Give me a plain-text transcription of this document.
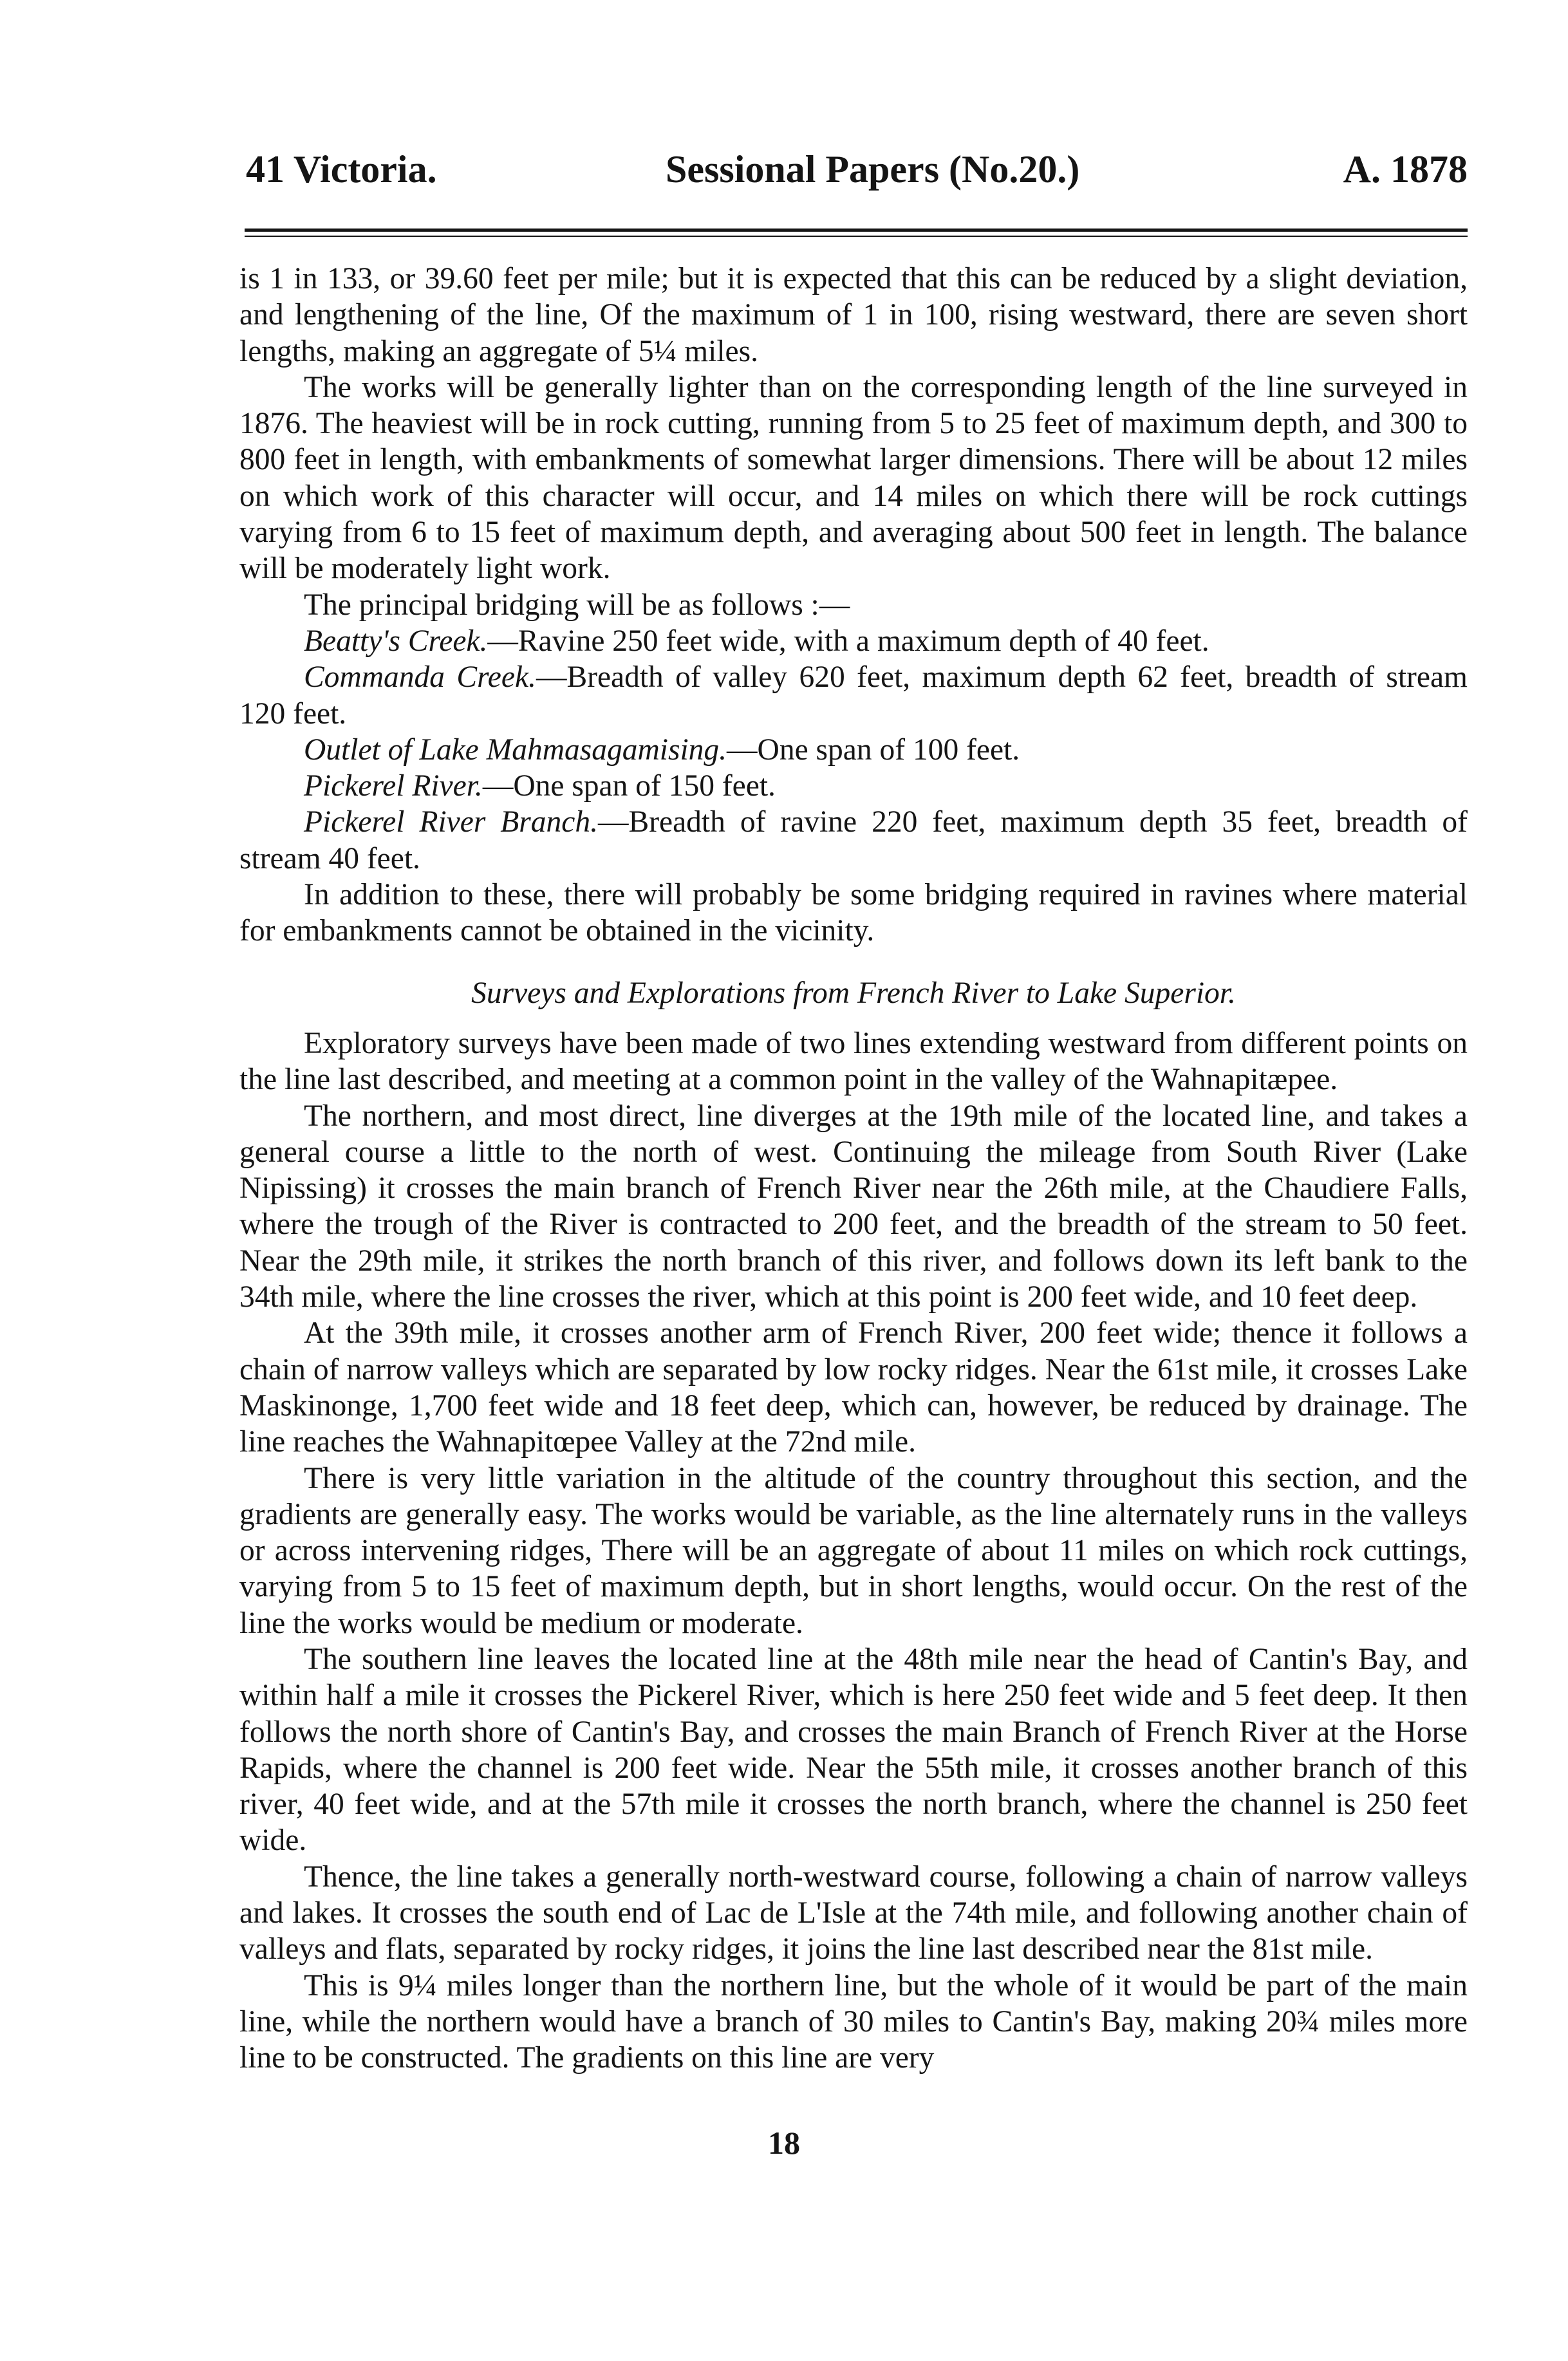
41 Victoria.	Sessional Papers (No.20.)	A. 1878

is 1 in 133, or 39.60 feet per mile; but it is expected that this can be reduced by a slight deviation, and lengthening of the line, Of the maximum of 1 in 100, rising westward, there are seven short lengths, making an aggregate of 5¼ miles.

The works will be generally lighter than on the corresponding length of the line surveyed in 1876. The heaviest will be in rock cutting, running from 5 to 25 feet of maximum depth, and 300 to 800 feet in length, with embankments of somewhat larger dimensions. There will be about 12 miles on which work of this character will occur, and 14 miles on which there will be rock cuttings varying from 6 to 15 feet of maximum depth, and averaging about 500 feet in length. The balance will be moderately light work.

The principal bridging will be as follows :—

Beatty's Creek.—Ravine 250 feet wide, with a maximum depth of 40 feet.

Commanda Creek.—Breadth of valley 620 feet, maximum depth 62 feet, breadth of stream 120 feet.

Outlet of Lake Mahmasagamising.—One span of 100 feet.

Pickerel River.—One span of 150 feet.

Pickerel River Branch.—Breadth of ravine 220 feet, maximum depth 35 feet, breadth of stream 40 feet.

In addition to these, there will probably be some bridging required in ravines where material for embankments cannot be obtained in the vicinity.

Surveys and Explorations from French River to Lake Superior.

Exploratory surveys have been made of two lines extending westward from different points on the line last described, and meeting at a common point in the valley of the Wahnapitæpee.

The northern, and most direct, line diverges at the 19th mile of the located line, and takes a general course a little to the north of west. Continuing the mileage from South River (Lake Nipissing) it crosses the main branch of French River near the 26th mile, at the Chaudiere Falls, where the trough of the River is contracted to 200 feet, and the breadth of the stream to 50 feet. Near the 29th mile, it strikes the north branch of this river, and follows down its left bank to the 34th mile, where the line crosses the river, which at this point is 200 feet wide, and 10 feet deep.

At the 39th mile, it crosses another arm of French River, 200 feet wide; thence it follows a chain of narrow valleys which are separated by low rocky ridges. Near the 61st mile, it crosses Lake Maskinonge, 1,700 feet wide and 18 feet deep, which can, however, be reduced by drainage. The line reaches the Wahnapitœpee Valley at the 72nd mile.

There is very little variation in the altitude of the country throughout this section, and the gradients are generally easy. The works would be variable, as the line alternately runs in the valleys or across intervening ridges, There will be an aggregate of about 11 miles on which rock cuttings, varying from 5 to 15 feet of maximum depth, but in short lengths, would occur. On the rest of the line the works would be medium or moderate.

The southern line leaves the located line at the 48th mile near the head of Cantin's Bay, and within half a mile it crosses the Pickerel River, which is here 250 feet wide and 5 feet deep. It then follows the north shore of Cantin's Bay, and crosses the main Branch of French River at the Horse Rapids, where the channel is 200 feet wide. Near the 55th mile, it crosses another branch of this river, 40 feet wide, and at the 57th mile it crosses the north branch, where the channel is 250 feet wide.

Thence, the line takes a generally north-westward course, following a chain of narrow valleys and lakes. It crosses the south end of Lac de L'Isle at the 74th mile, and following another chain of valleys and flats, separated by rocky ridges, it joins the line last described near the 81st mile.

This is 9¼ miles longer than the northern line, but the whole of it would be part of the main line, while the northern would have a branch of 30 miles to Cantin's Bay, making 20¾ miles more line to be constructed. The gradients on this line are very

18
